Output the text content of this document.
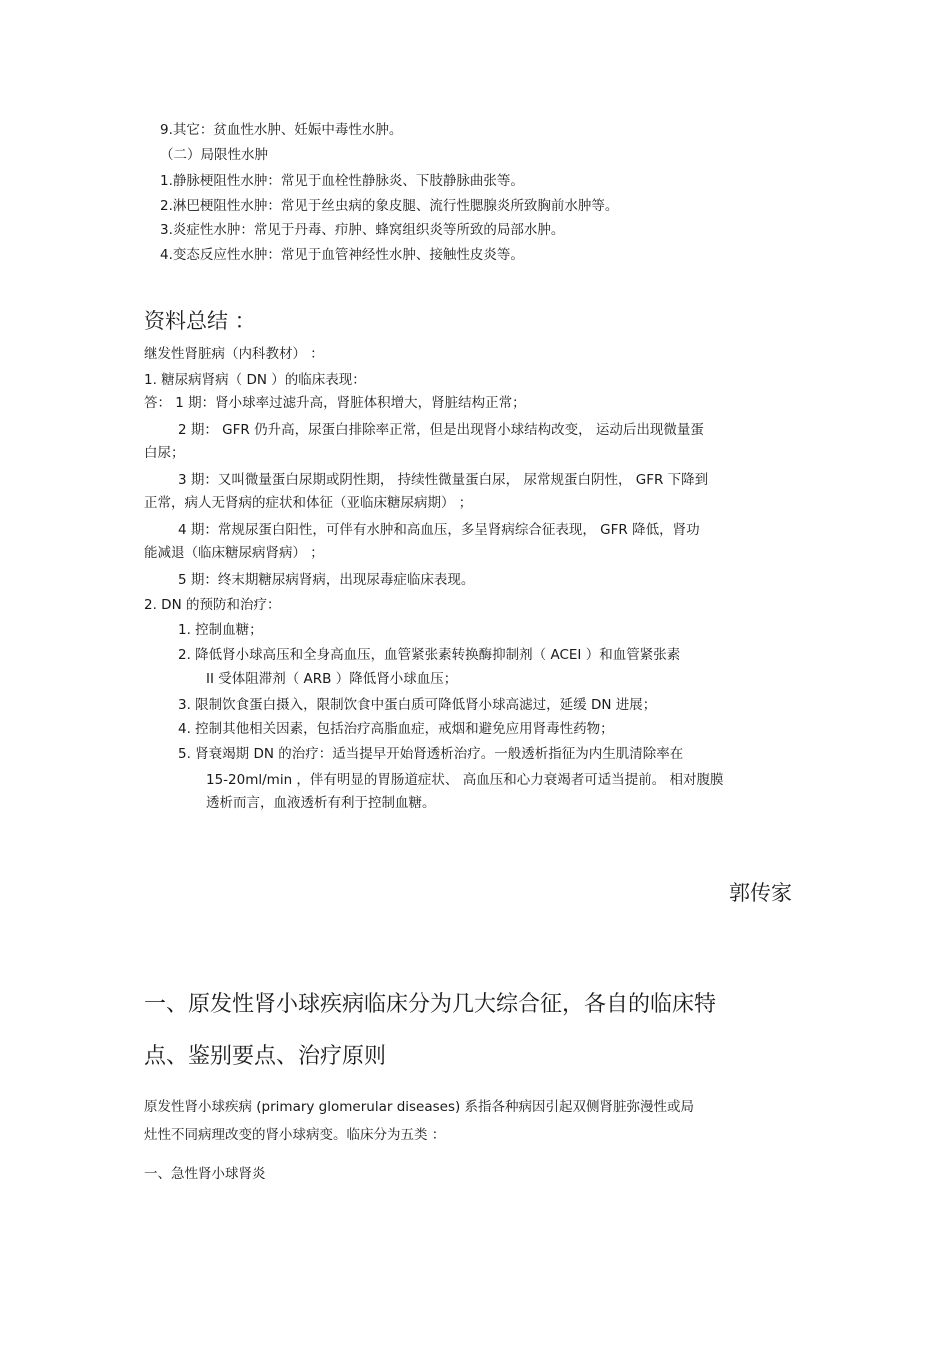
9.其它：贫血性水肿、妊娠中毒性水肿。
（二）局限性水肿
1.静脉梗阻性水肿：常见于血栓性静脉炎、下肢静脉曲张等。
2.淋巴梗阻性水肿：常见于丝虫病的象皮腿、流行性腮腺炎所致胸前水肿等。
3.炎症性水肿：常见于丹毒、疖肿、蜂窝组织炎等所致的局部水肿。
4.变态反应性水肿：常见于血管神经性水肿、接触性皮炎等。
资料总结 ：
继发性肾脏病（内科教材） ：
1. 糖尿病肾病（ DN ）的临床表现：
答： 1 期：肾小球率过滤升高，肾脏体积增大，肾脏结构正常；
2 期： GFR 仍升高，尿蛋白排除率正常，但是出现肾小球结构改变， 运动后出现微量蛋
白尿；
3 期：又叫微量蛋白尿期或阴性期， 持续性微量蛋白尿， 尿常规蛋白阴性， GFR 下降到
正常，病人无肾病的症状和体征（亚临床糖尿病期） ；
4 期：常规尿蛋白阳性，可伴有水肿和高血压，多呈肾病综合征表现， GFR 降低，肾功
能减退（临床糖尿病肾病） ；
5 期：终末期糖尿病肾病，出现尿毒症临床表现。
2. DN 的预防和治疗：
1. 控制血糖；
2. 降低肾小球高压和全身高血压，血管紧张素转换酶抑制剂（ ACEI ）和血管紧张素
II 受体阻滞剂（ ARB ）降低肾小球血压；
3. 限制饮食蛋白摄入，限制饮食中蛋白质可降低肾小球高滤过，延缓 DN 进展；
4. 控制其他相关因素，包括治疗高脂血症，戒烟和避免应用肾毒性药物；
5. 肾衰竭期 DN 的治疗：适当提早开始肾透析治疗。一般透析指征为内生肌清除率在
15-20ml/min ，伴有明显的胃肠道症状、 高血压和心力衰竭者可适当提前。 相对腹膜
透析而言，血液透析有利于控制血糖。
郭传家
一、原发性肾小球疾病临床分为几大综合征，各自的临床特
点、鉴别要点、治疗原则
原发性肾小球疾病 (primary glomerular diseases) 系指各种病因引起双侧肾脏弥漫性或局
灶性不同病理改变的肾小球病变。临床分为五类 ：
一、急性肾小球肾炎
